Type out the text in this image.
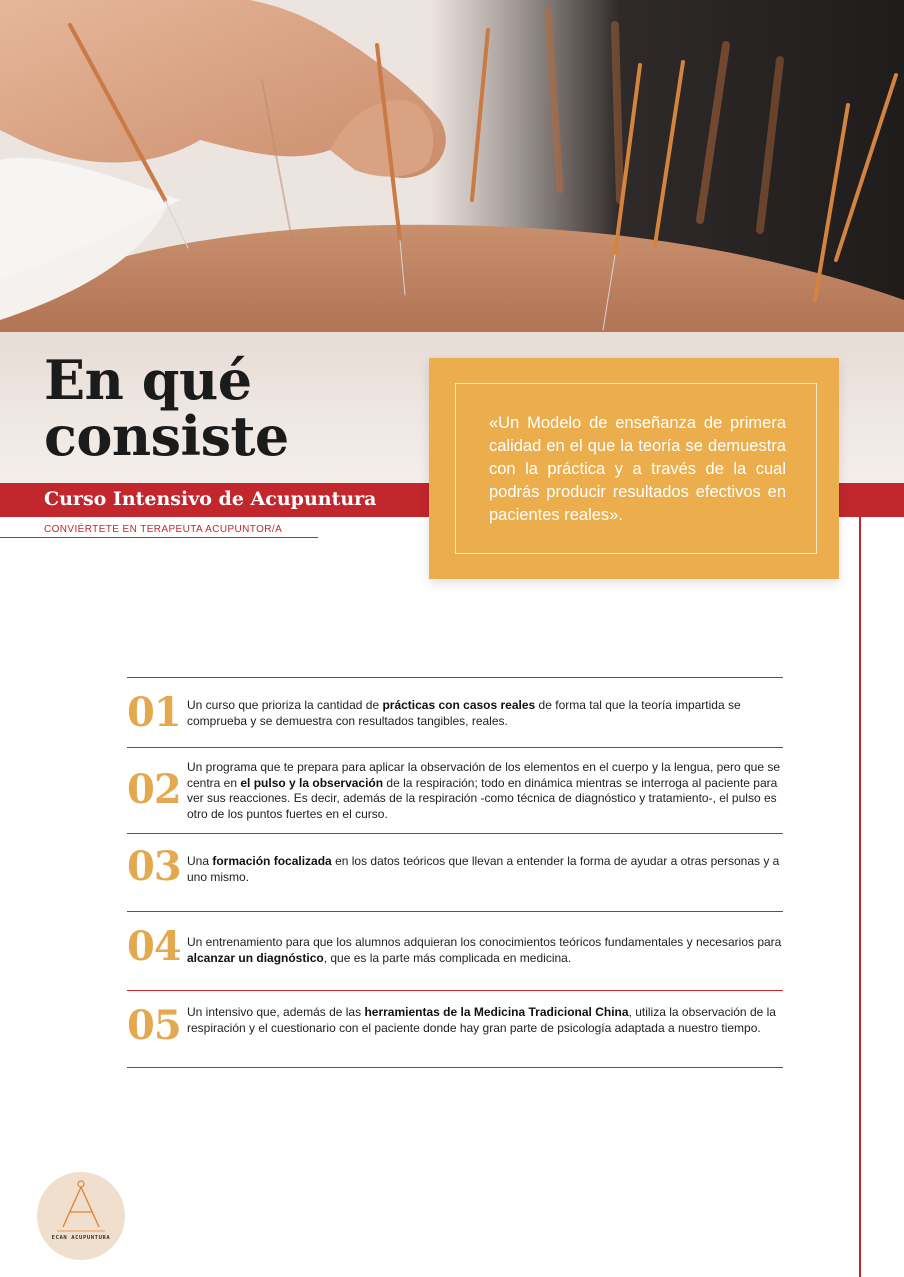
En qué
consiste
Curso Intensivo de Acupuntura
CONVIÉRTETE EN TERAPEUTA ACUPUNTOR/A

«Un Modelo de enseñanza de primera calidad en el que la teoría se demuestra con la práctica y a través de la cual podrás producir resultados efectivos en pacientes reales».

01 Un curso que prioriza la cantidad de prácticas con casos reales de forma tal que la teoría impartida se comprueba y se demuestra con resultados tangibles, reales.

02 Un programa que te prepara para aplicar la observación de los elementos en el cuerpo y la lengua, pero que se centra en el pulso y la observación de la respiración; todo en dinámica mientras se interroga al paciente para ver sus reacciones. Es decir, además de la respiración -como técnica de diagnóstico y tratamiento-, el pulso es otro de los puntos fuertes en el curso.

03 Una formación focalizada en los datos teóricos que llevan a entender la forma de ayudar a otras personas y a uno mismo.

04 Un entrenamiento para que los alumnos adquieran los conocimientos teóricos fundamentales y necesarios para alcanzar un diagnóstico, que es la parte más complicada en medicina.

05 Un intensivo que, además de las herramientas de la Medicina Tradicional China, utiliza la observación de la respiración y el cuestionario con el paciente donde hay gran parte de psicología adaptada a nuestro tiempo.

ECAN ACUPUNTURA
